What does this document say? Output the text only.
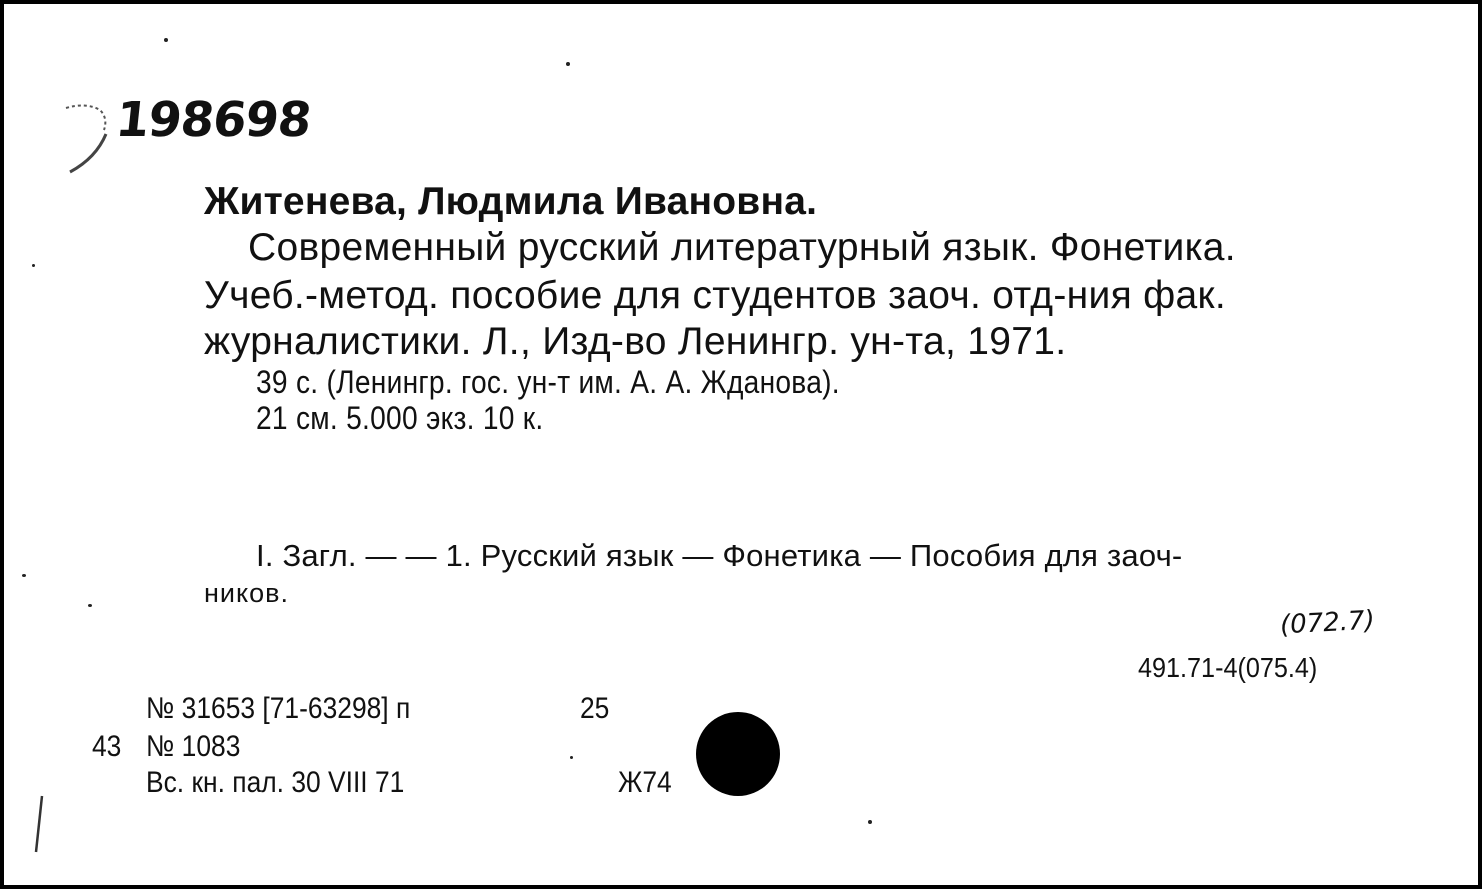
198698
Житенева, Людмила Ивановна.
Современный русский литературный язык. Фонетика.
Учеб.-метод. пособие для студентов заоч. отд-ния фак.
журналистики. Л., Изд-во Ленингр. ун-та, 1971.
39 с. (Ленингр. гос. ун-т им. А. А. Жданова).
21 см. 5.000 экз. 10 к.
I. Загл. — — 1. Русский язык — Фонетика — Пособия для заоч-
ников.
(072.7)
491.71-4(075.4)
№ 31653 [71-63298] п	25
43 № 1083
Вс. кн. пал. 30 VIII 71	Ж74
